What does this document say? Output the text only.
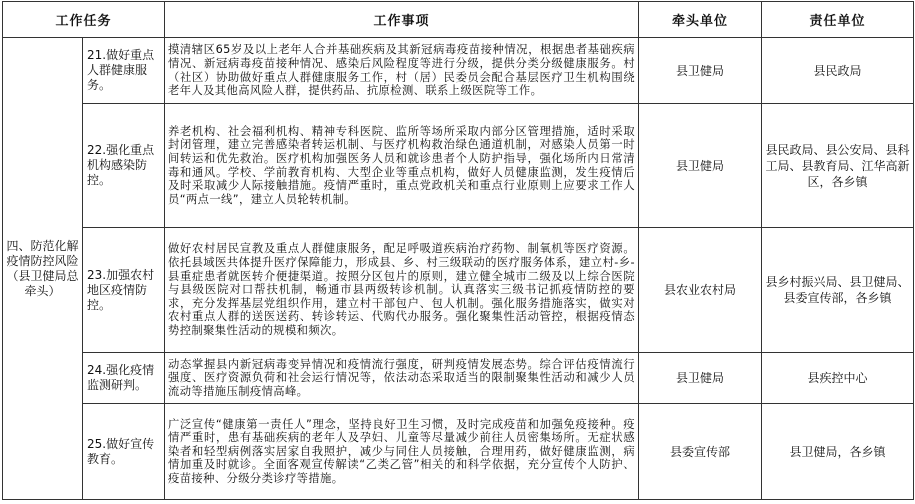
工作任务		工作事项	牵头单位	责任单位
四、防范化解疫情防控风险（县卫健局总牵头）	21.做好重点人群健康服务。	摸清辖区65岁及以上老年人合并基础疾病及其新冠病毒疫苗接种情况，根据患者基础疾病情况、新冠病毒疫苗接种情况、感染后风险程度等进行分级，提供分类分级健康服务。村（社区）协助做好重点人群健康服务工作，村（居）民委员会配合基层医疗卫生机构围绕老年人及其他高风险人群，提供药品、抗原检测、联系上级医院等工作。	县卫健局	县民政局
	22.强化重点机构感染防控。	养老机构、社会福利机构、精神专科医院、监所等场所采取内部分区管理措施，适时采取封闭管理，建立完善感染者转运机制、与医疗机构救治绿色通道机制，对感染人员第一时间转运和优先救治。医疗机构加强医务人员和就诊患者个人防护指导，强化场所内日常清毒和通风。学校、学前教育机构、大型企业等重点机构，做好人员健康监测，发生疫情后及时采取减少人际接触措施。疫情严重时，重点党政机关和重点行业原则上应要求工作人员“两点一线”，建立人员轮转机制。	县卫健局	县民政局、县公安局、县科工局、县教育局、江华高新区，各乡镇
	23.加强农村地区疫情防控。	做好农村居民宣教及重点人群健康服务，配足呼吸道疾病治疗药物、制氧机等医疗资源。依托县域医共体提升医疗保障能力，形成县、乡、村三级联动的医疗服务体系，建立村-乡-县重症患者就医转介便捷渠道。按照分区包片的原则，建立健全城市二级及以上综合医院与县级医院对口帮扶机制，畅通市县两级转诊机制。认真落实三级书记抓疫情防控的要求，充分发挥基层党组织作用，建立村干部包户、包人机制。强化服务措施落实，做实对农村重点人群的送医送药、转诊转运、代购代办服务。强化聚集性活动管控，根据疫情态势控制聚集性活动的规模和频次。	县农业农村局	县乡村振兴局、县卫健局、县委宣传部，各乡镇
	24.强化疫情监测研判。	动态掌握县内新冠病毒变异情况和疫情流行强度，研判疫情发展态势。综合评估疫情流行强度、医疗资源负荷和社会运行情况等，依法动态采取适当的限制聚集性活动和减少人员流动等措施压制疫情高峰。	县卫健局	县疾控中心
	25.做好宣传教育。	广泛宣传“健康第一责任人”理念，坚持良好卫生习惯，及时完成疫苗和加强免疫接种。疫情严重时，患有基础疾病的老年人及孕妇、儿童等尽量减少前往人员密集场所。无症状感染者和轻型病例落实居家自我照护，减少与同住人员接触，合理用药，做好健康监测，病情加重及时就诊。全面客观宣传解读“乙类乙管”相关的和科学依据，充分宣传个人防护、疫苗接种、分级分类诊疗等措施。	县委宣传部	县卫健局，各乡镇
